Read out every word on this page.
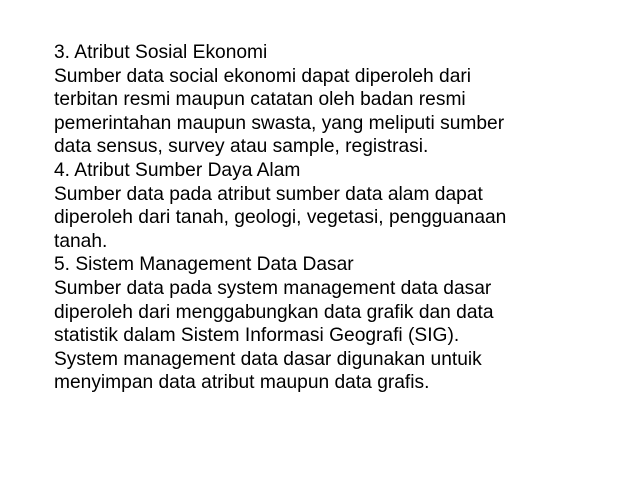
3. Atribut Sosial Ekonomi
Sumber data social ekonomi dapat diperoleh dari
terbitan resmi maupun catatan oleh badan resmi
pemerintahan maupun swasta, yang meliputi sumber
data sensus, survey atau sample, registrasi.
4. Atribut Sumber Daya Alam
Sumber data pada atribut sumber data alam dapat
diperoleh dari tanah, geologi, vegetasi, pengguanaan
tanah.
5. Sistem Management Data Dasar
Sumber data pada system management data dasar
diperoleh dari menggabungkan data grafik dan data
statistik dalam Sistem Informasi Geografi (SIG).
System management data dasar digunakan untuik
menyimpan data atribut maupun data grafis.
